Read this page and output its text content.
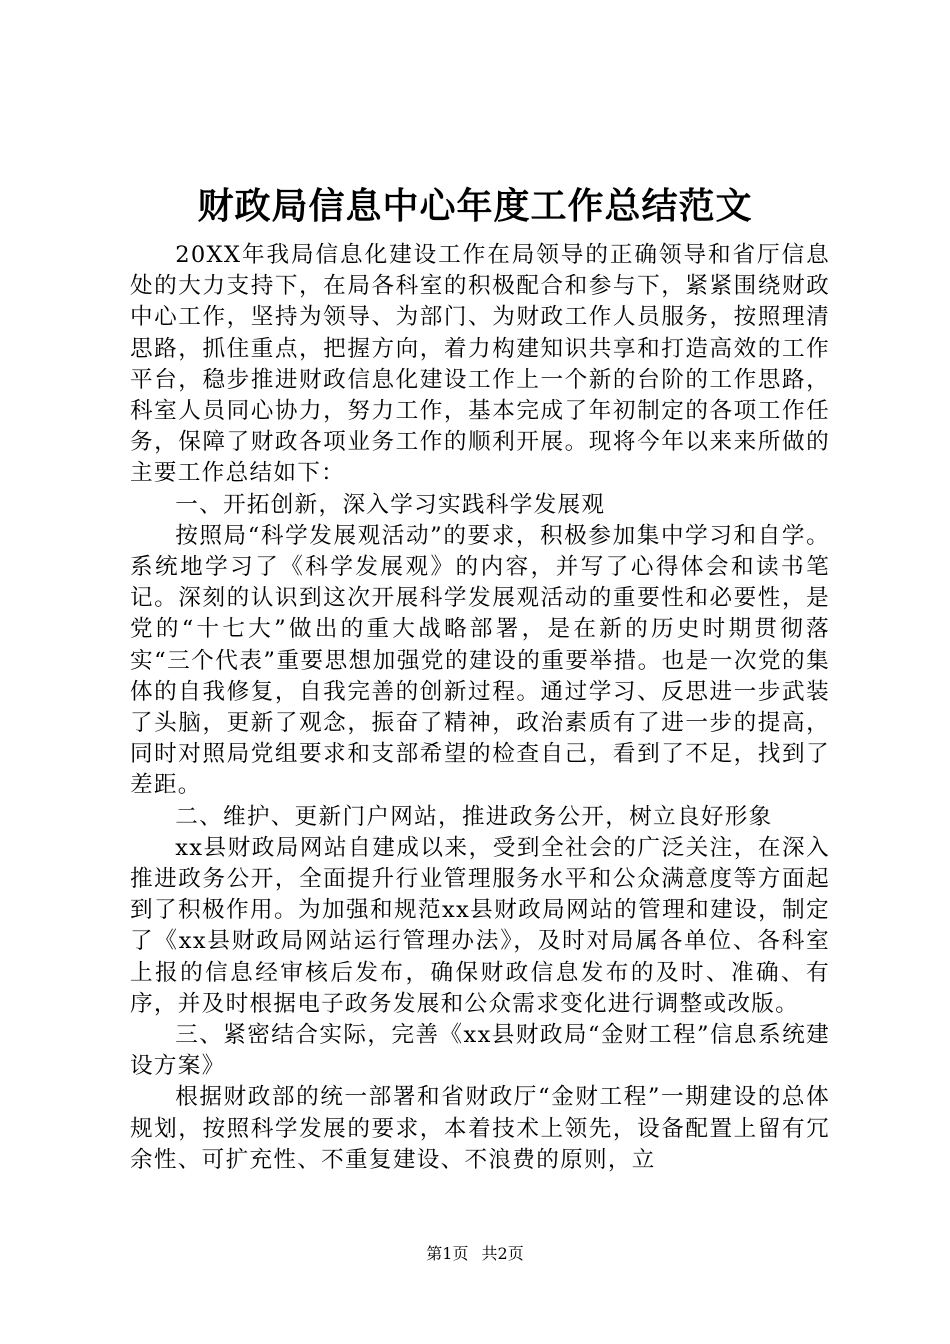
财政局信息中心年度工作总结范文

20XX年我局信息化建设工作在局领导的正确领导和省厅信息处的大力支持下，在局各科室的积极配合和参与下，紧紧围绕财政中心工作，坚持为领导、为部门、为财政工作人员服务，按照理清思路，抓住重点，把握方向，着力构建知识共享和打造高效的工作平台，稳步推进财政信息化建设工作上一个新的台阶的工作思路，科室人员同心协力，努力工作，基本完成了年初制定的各项工作任务，保障了财政各项业务工作的顺利开展。现将今年以来来所做的主要工作总结如下：

一、开拓创新，深入学习实践科学发展观

按照局“科学发展观活动”的要求，积极参加集中学习和自学。系统地学习了《科学发展观》的内容，并写了心得体会和读书笔记。深刻的认识到这次开展科学发展观活动的重要性和必要性，是党的“十七大”做出的重大战略部署，是在新的历史时期贯彻落实“三个代表”重要思想加强党的建设的重要举措。也是一次党的集体的自我修复，自我完善的创新过程。通过学习、反思进一步武装了头脑，更新了观念，振奋了精神，政治素质有了进一步的提高，同时对照局党组要求和支部希望的检查自己，看到了不足，找到了差距。

二、维护、更新门户网站，推进政务公开，树立良好形象

xx县财政局网站自建成以来，受到全社会的广泛关注，在深入推进政务公开，全面提升行业管理服务水平和公众满意度等方面起到了积极作用。为加强和规范xx县财政局网站的管理和建设，制定了《xx县财政局网站运行管理办法》，及时对局属各单位、各科室上报的信息经审核后发布，确保财政信息发布的及时、准确、有序，并及时根据电子政务发展和公众需求变化进行调整或改版。

三、紧密结合实际，完善《xx县财政局“金财工程”信息系统建设方案》

根据财政部的统一部署和省财政厅“金财工程”一期建设的总体规划，按照科学发展的要求，本着技术上领先，设备配置上留有冗余性、可扩充性、不重复建设、不浪费的原则，立

第1页 共2页
